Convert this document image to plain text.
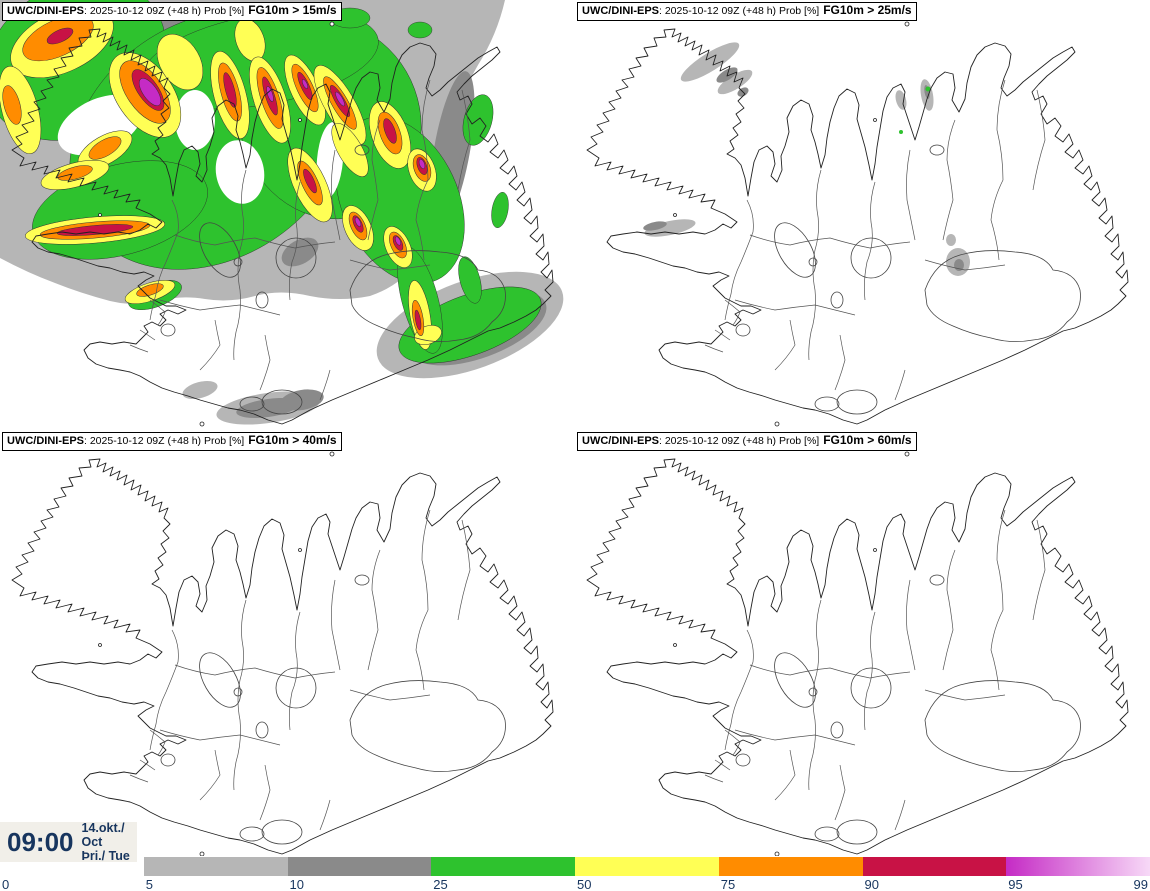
UWC/DINI-EPS: 2025-10-12 09Z (+48 h) Prob [%] FG10m > 15m/s	UWC/DINI-EPS: 2025-10-12 09Z (+48 h) Prob [%] FG10m > 25m/s
UWC/DINI-EPS: 2025-10-12 09Z (+48 h) Prob [%] FG10m > 40m/s	UWC/DINI-EPS: 2025-10-12 09Z (+48 h) Prob [%] FG10m > 60m/s
09:00 14.okt./ Oct
Þri./ Tue
0	5	10	25	50	75	90	95	99
